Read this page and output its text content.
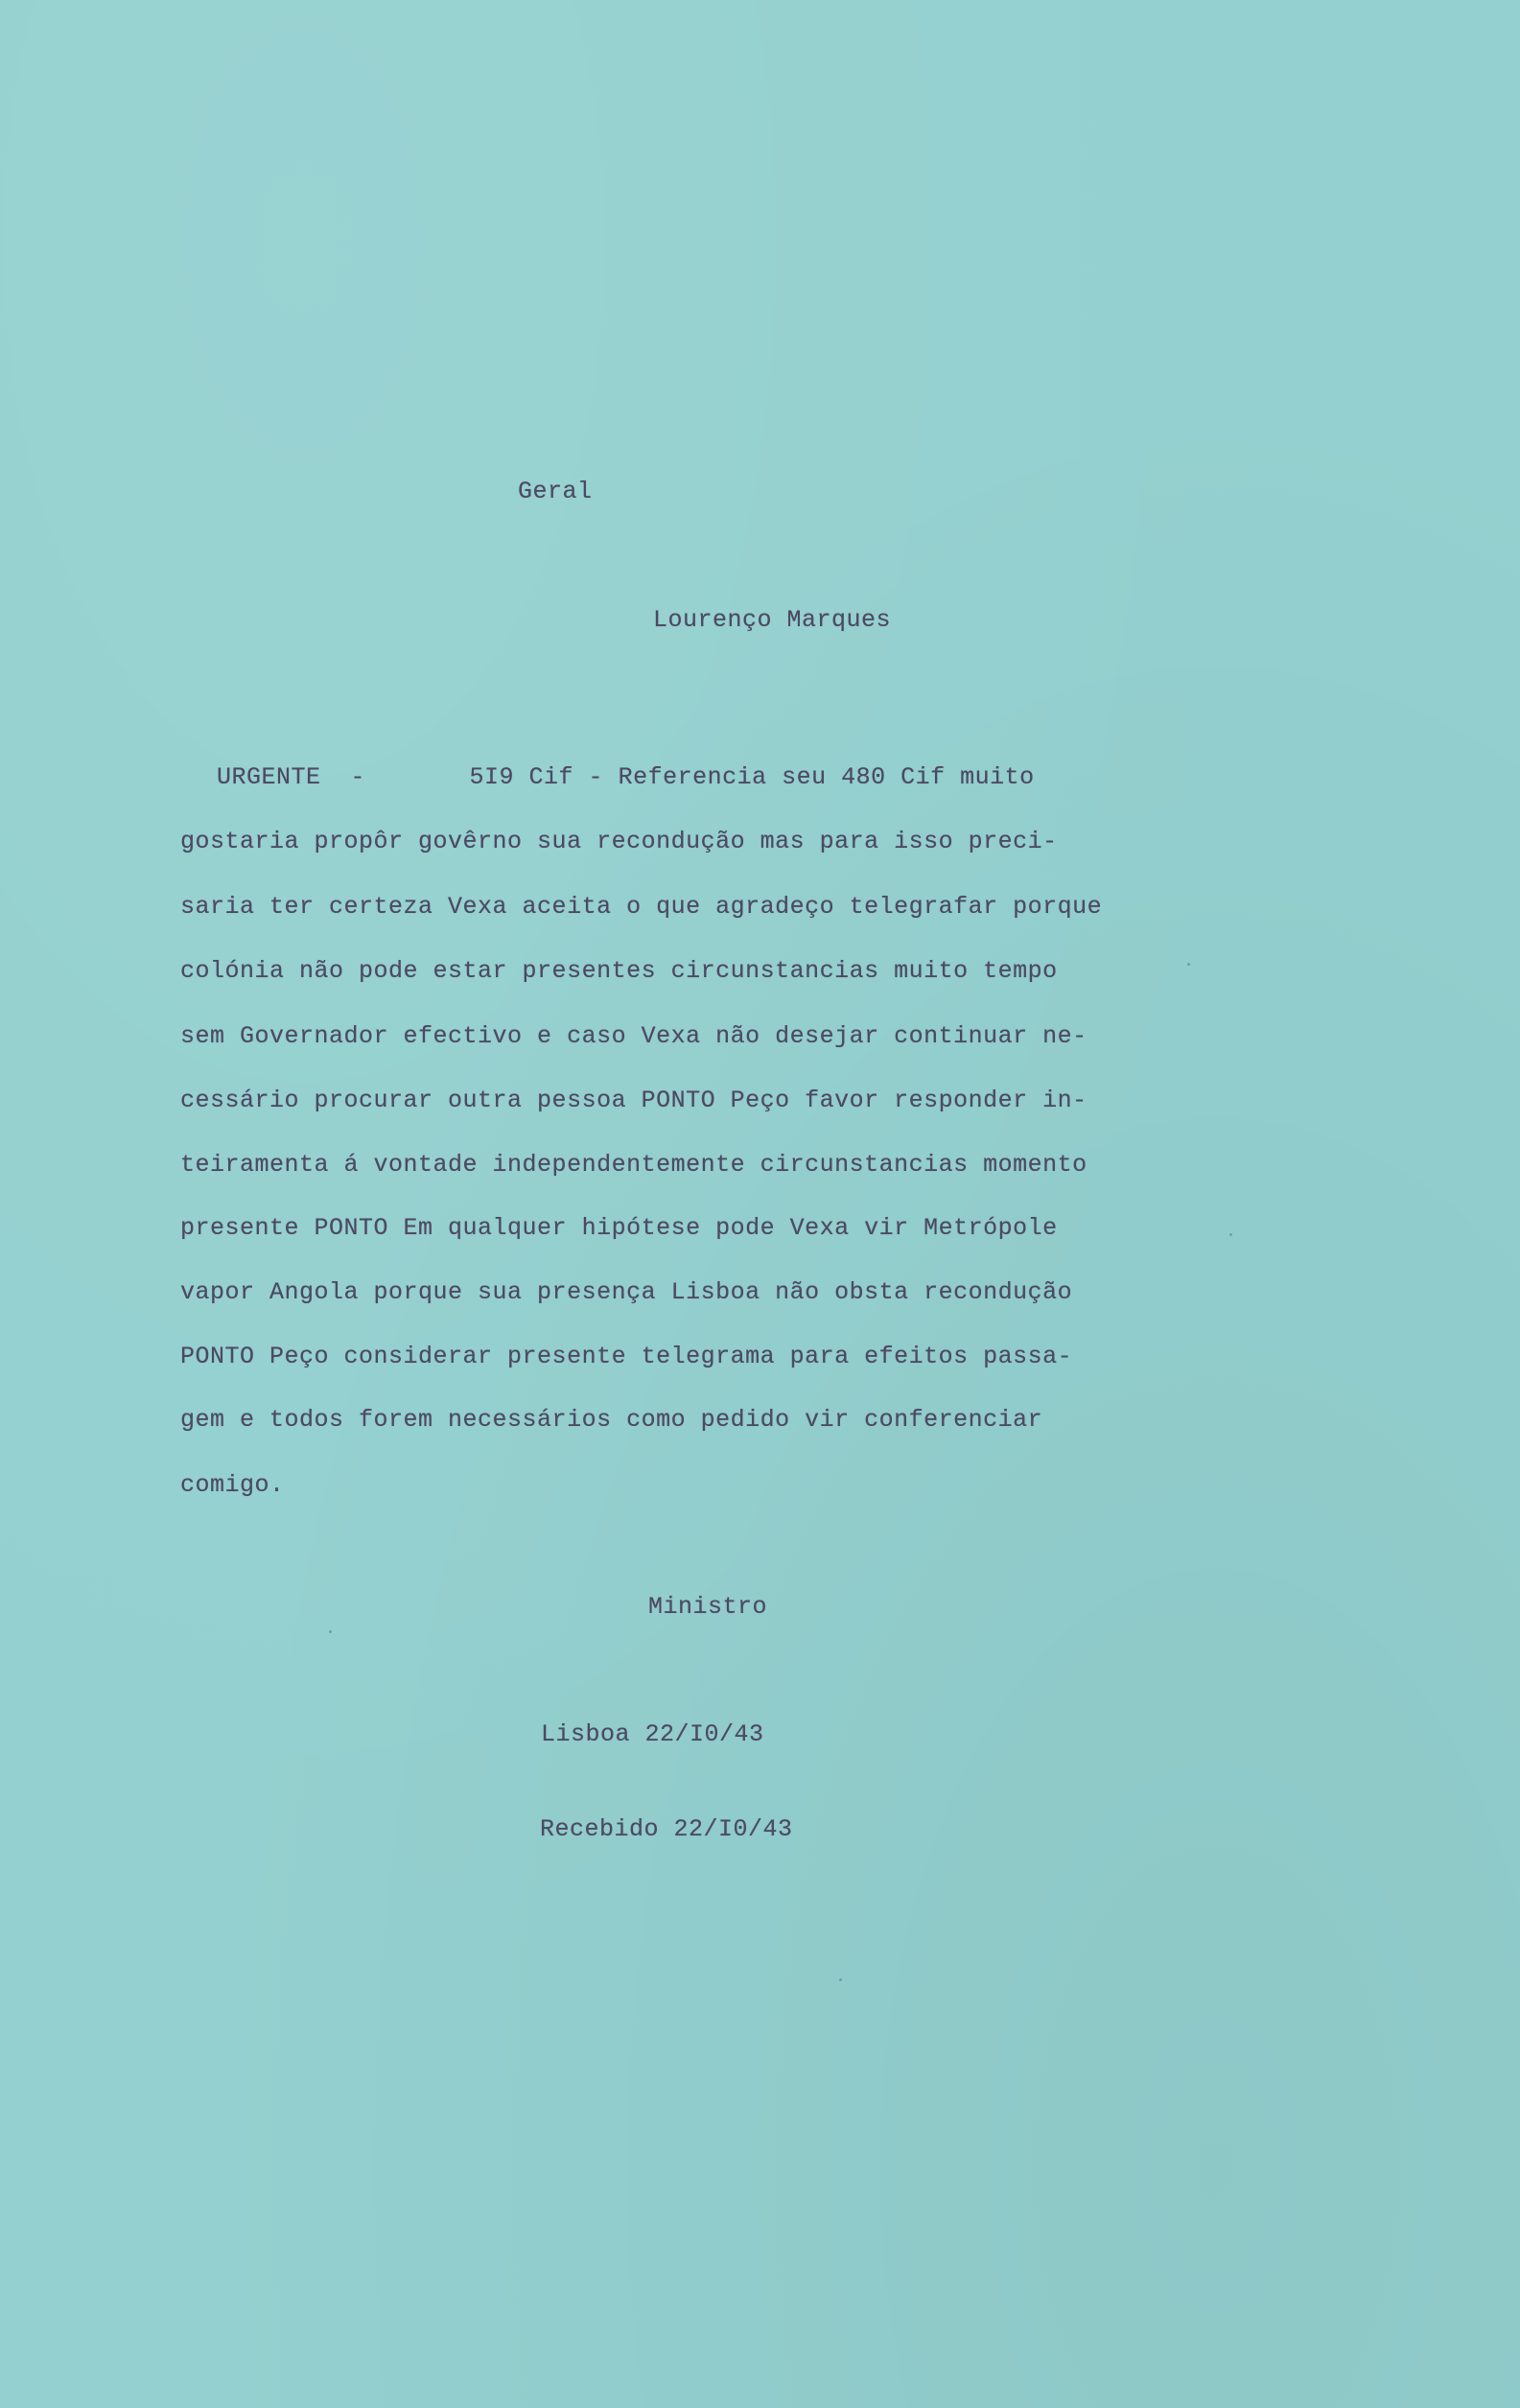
Geral
Lourenço Marques
URGENTE  -       5I9 Cif - Referencia seu 480 Cif muito
gostaria propôr govêrno sua recondução mas para isso preci-
saria ter certeza Vexa aceita o que agradeço telegrafar porque
colónia não pode estar presentes circunstancias muito tempo
sem Governador efectivo e caso Vexa não desejar continuar ne-
cessário procurar outra pessoa PONTO Peço favor responder in-
teiramenta á vontade independentemente circunstancias momento
presente PONTO Em qualquer hipótese pode Vexa vir Metrópole
vapor Angola porque sua presença Lisboa não obsta recondução
PONTO Peço considerar presente telegrama para efeitos passa-
gem e todos forem necessários como pedido vir conferenciar
comigo.
Ministro
Lisboa 22/I0/43
Recebido 22/I0/43
